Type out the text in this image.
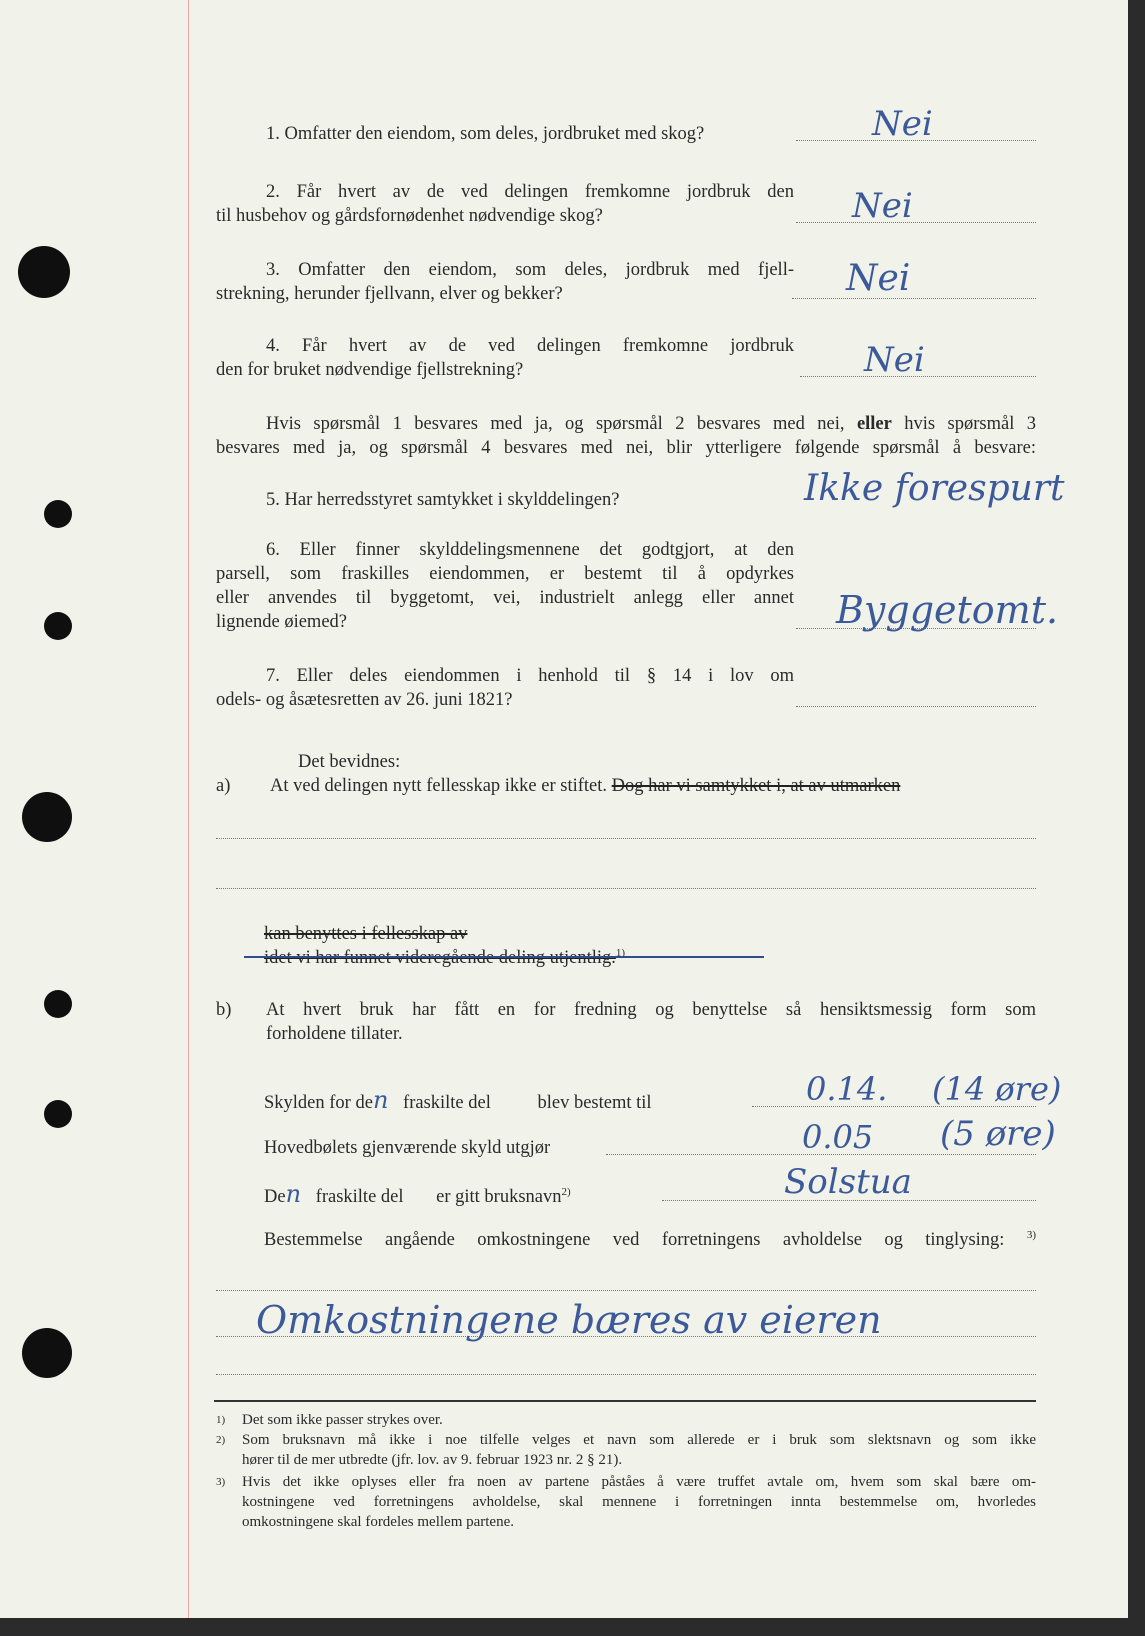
1. Omfatter den eiendom, som deles, jordbruket med skog?	Nei

2. Får hvert av de ved delingen fremkomne jordbruk den

til husbehov og gårdsfornødenhet nødvendige skog?	Nei

3. Omfatter den eiendom, som deles, jordbruk med fjell-

strekning, herunder fjellvann, elver og bekker?	Nei

4. Får hvert av de ved delingen fremkomne jordbruk

den for bruket nødvendige fjellstrekning?	Nei

Hvis spørsmål 1 besvares med ja, og spørsmål 2 besvares med nei, eller hvis spørsmål 3

besvares med ja, og spørsmål 4 besvares med nei, blir ytterligere følgende spørsmål å besvare:

5. Har herredsstyret samtykket i skylddelingen?	Ikke forespurt

6. Eller finner skylddelingsmennene det godtgjort, at den

parsell, som fraskilles eiendommen, er bestemt til å opdyrkes

eller anvendes til byggetomt, vei, industrielt anlegg eller annet

lignende øiemed?	Byggetomt.

7. Eller deles eiendommen i henhold til § 14 i lov om

odels- og åsætesretten av 26. juni 1821?

Det bevidnes:
a) At ved delingen nytt fellesskap ikke er stiftet. Dog har vi samtykket i, at av utmarken
kan benyttes i fellesskap av
idet vi har funnet videregående deling utjentlig.$^{1)}$
b) At hvert bruk har fått en for fredning og benyttelse så hensiktsmessig form som

forholdene tillater.
Skylden for den fraskilte del	blev bestemt til	0.14. (14 øre)
Hovedbølets gjenværende skyld utgjør	0.05 (5 øre)
Den fraskilte del er gitt bruksnavn$^{2)}$	Solstua

Bestemmelse angående omkostningene ved forretningens avholdelse og tinglysing: $^{3)}$

Omkostningene bæres av eieren
1) Det som ikke passer strykes over.
2) Som bruksnavn må ikke i noe tilfelle velges et navn som allerede er i bruk som slektsnavn og som ikke
hører til de mer utbredte (jfr. lov. av 9. februar 1923 nr. 2 § 21).
3) Hvis det ikke oplyses eller fra noen av partene påståes å være truffet avtale om, hvem som skal bære om-
kostningene ved forretningens avholdelse, skal mennene i forretningen innta bestemmelse om, hvorledes
omkostningene skal fordeles mellem partene.
